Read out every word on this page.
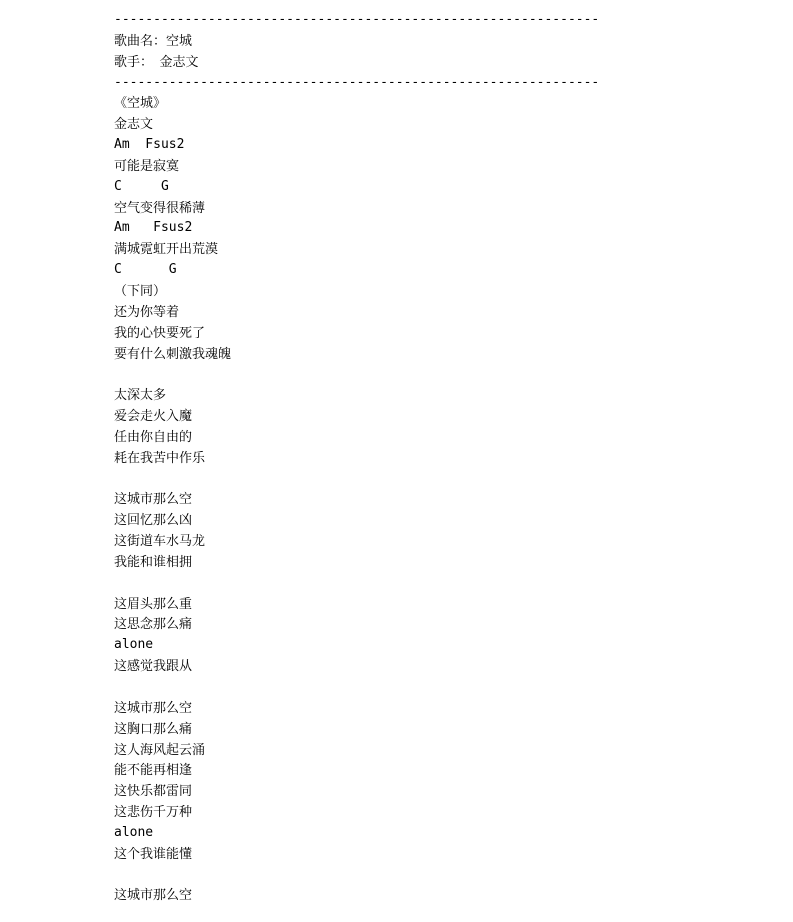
--------------------------------------------------------------
歌曲名：空城
歌手：　金志文
--------------------------------------------------------------
《空城》
金志文
Am  Fsus2
可能是寂寞
C     G
空气变得很稀薄
Am   Fsus2
满城霓虹开出荒漠
C      G
（下同）
还为你等着
我的心快要死了
要有什么刺激我魂魄

太深太多
爱会走火入魔
任由你自由的
耗在我苦中作乐

这城市那么空
这回忆那么凶
这街道车水马龙
我能和谁相拥

这眉头那么重
这思念那么痛
alone
这感觉我跟从

这城市那么空
这胸口那么痛
这人海风起云涌
能不能再相逢
这快乐都雷同
这悲伤千万种
alone
这个我谁能懂

这城市那么空
